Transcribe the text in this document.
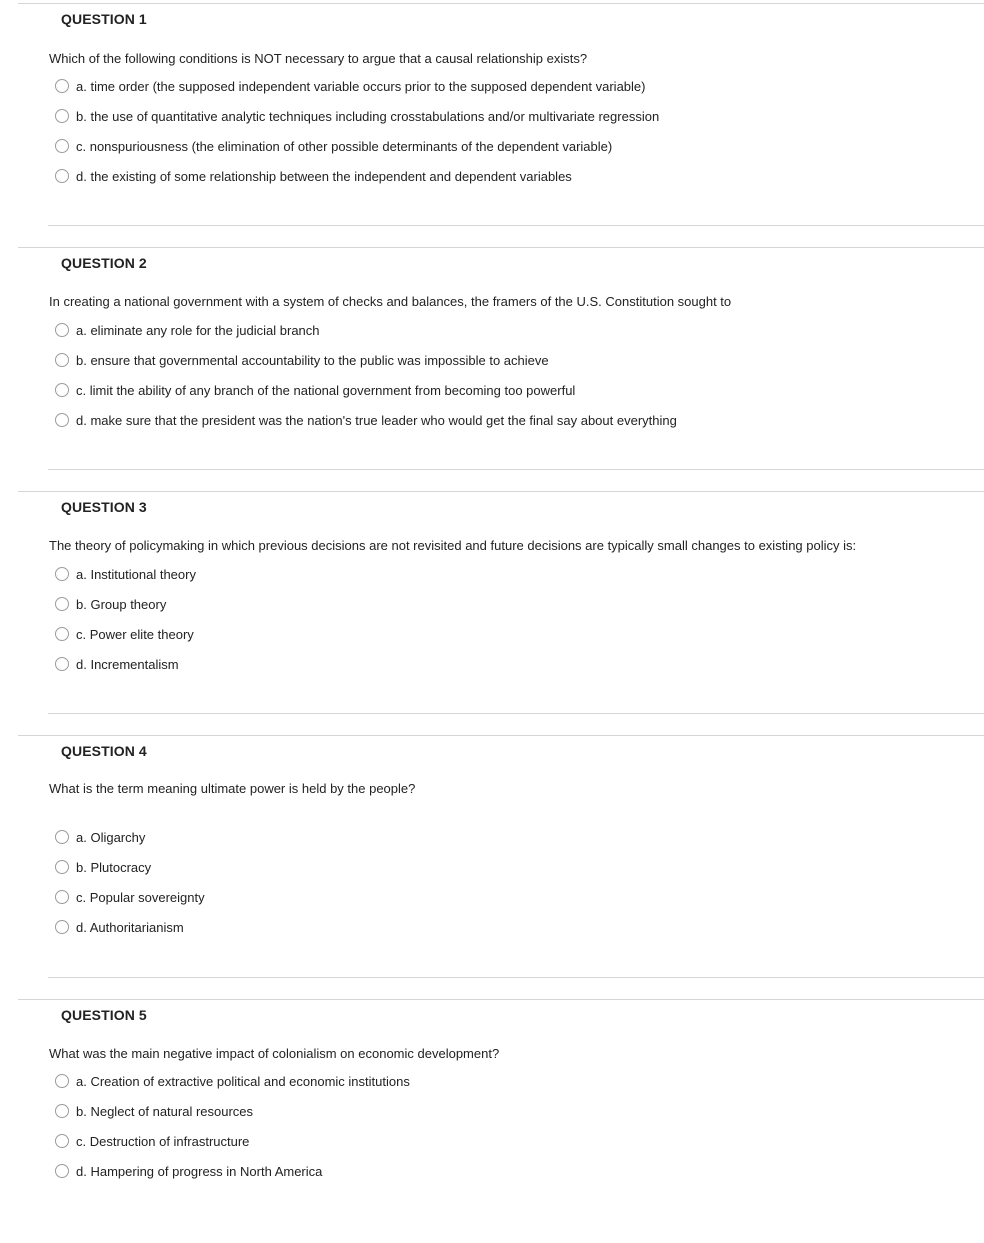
QUESTION 1
Which of the following conditions is NOT necessary to argue that a causal relationship exists?
a. time order (the supposed independent variable occurs prior to the supposed dependent variable)
b. the use of quantitative analytic techniques including crosstabulations and/or multivariate regression
c. nonspuriousness (the elimination of other possible determinants of the dependent variable)
d. the existing of some relationship between the independent and dependent variables
QUESTION 2
In creating a national government with a system of checks and balances, the framers of the U.S. Constitution sought to
a. eliminate any role for the judicial branch
b. ensure that governmental accountability to the public was impossible to achieve
c. limit the ability of any branch of the national government from becoming too powerful
d. make sure that the president was the nation's true leader who would get the final say about everything
QUESTION 3
The theory of policymaking in which previous decisions are not revisited and future decisions are typically small changes to existing policy is:
a. Institutional theory
b. Group theory
c. Power elite theory
d. Incrementalism
QUESTION 4
What is the term meaning ultimate power is held by the people?
a. Oligarchy
b. Plutocracy
c. Popular sovereignty
d. Authoritarianism
QUESTION 5
What was the main negative impact of colonialism on economic development?
a. Creation of extractive political and economic institutions
b. Neglect of natural resources
c. Destruction of infrastructure
d. Hampering of progress in North America
